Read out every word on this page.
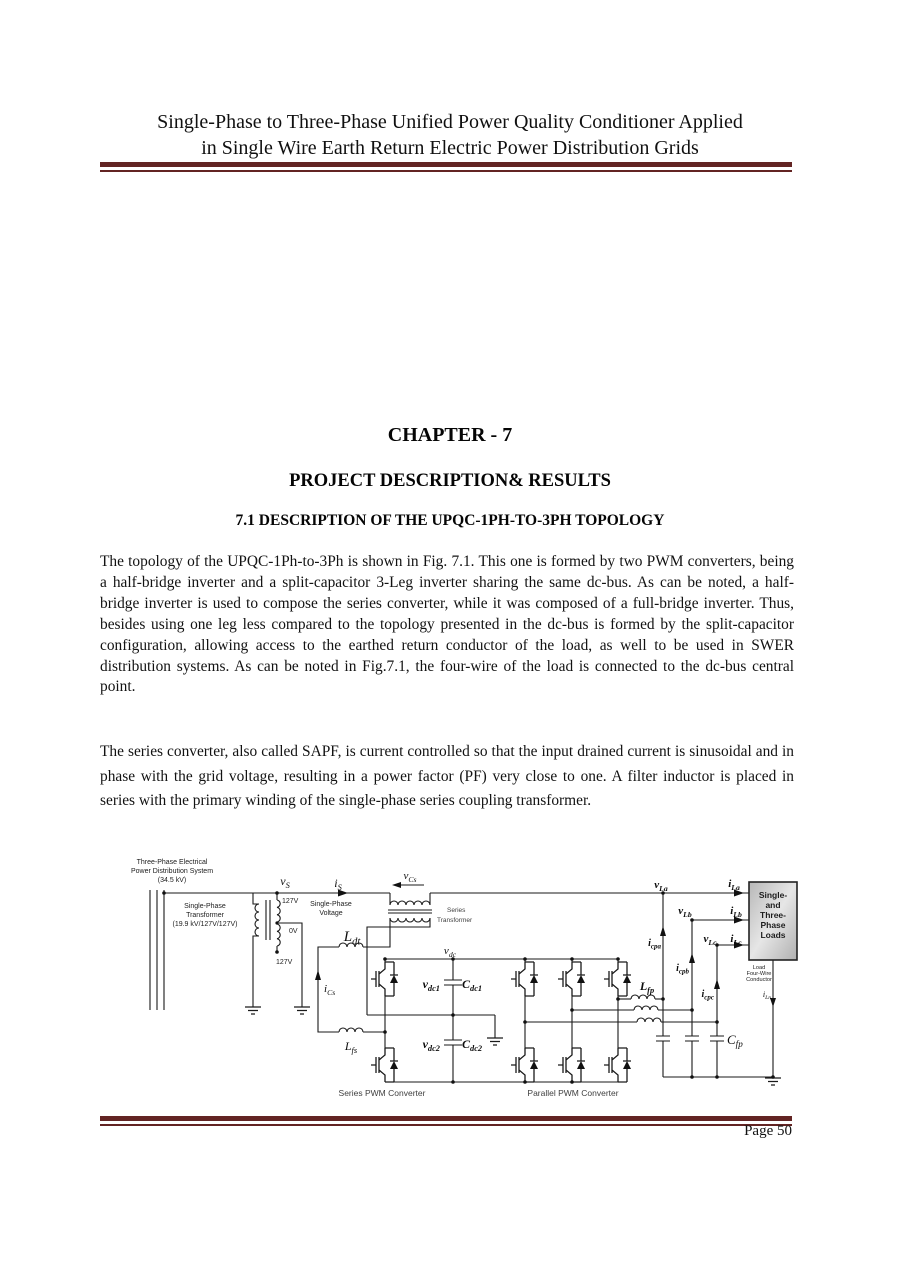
Single-Phase to Three-Phase Unified Power Quality Conditioner Applied
in Single Wire Earth Return Electric Power Distribution Grids
CHAPTER - 7
PROJECT DESCRIPTION& RESULTS
7.1 DESCRIPTION OF THE UPQC-1PH-TO-3PH TOPOLOGY
The topology of the UPQC-1Ph-to-3Ph is shown in Fig. 7.1. This one is formed by two PWM converters, being a half-bridge inverter and a split-capacitor 3-Leg inverter sharing the same dc-bus. As can be noted, a half-bridge inverter is used to compose the series converter, while it was composed of a full-bridge inverter. Thus, besides using one leg less compared to the topology presented in the dc-bus is formed by the split-capacitor configuration, allowing access to the earthed return conductor of the load, as well to be used in SWER distribution systems. As can be noted in Fig.7.1, the four-wire of the load is connected to the dc-bus central point.
The series converter, also called SAPF, is current controlled so that the input drained current is sinusoidal and in phase with the grid voltage, resulting in a power factor (PF) very close to one. A filter inductor is placed in series with the primary winding of the single-phase series coupling transformer.
Single-
and
Three-
Phase
Loads
Three-Phase Electrical
Power Distribution System
(34.5 kV)
Single-Phase
Transformer
(19.9 kV/127V/127V)
127V
0V
127V
Single-Phase
Voltage	Series
Transformer
Load
Four-Wire
Conductor
Series PWM Converter	Parallel PWM Converter
$v_S$	$i_S$
$v_{Cs}$
$v_{dc}$
$L_{dt}$
$i_{Cs}$
$L_{fs}$
$v_{dc1}$ $C_{dc1}$
$v_{dc2}$ $C_{dc2}$
$L_{fp}$
$C_{fp}$
$v_{La}$	$i_{La}$
$v_{Lb}$	$i_{Lb}$
$v_{Lc}$ $i_{Lc}$
$i_{cpa}$
$i_{cpb}$
$i_{cpc}$	$i_{Ln}$
Page 50
